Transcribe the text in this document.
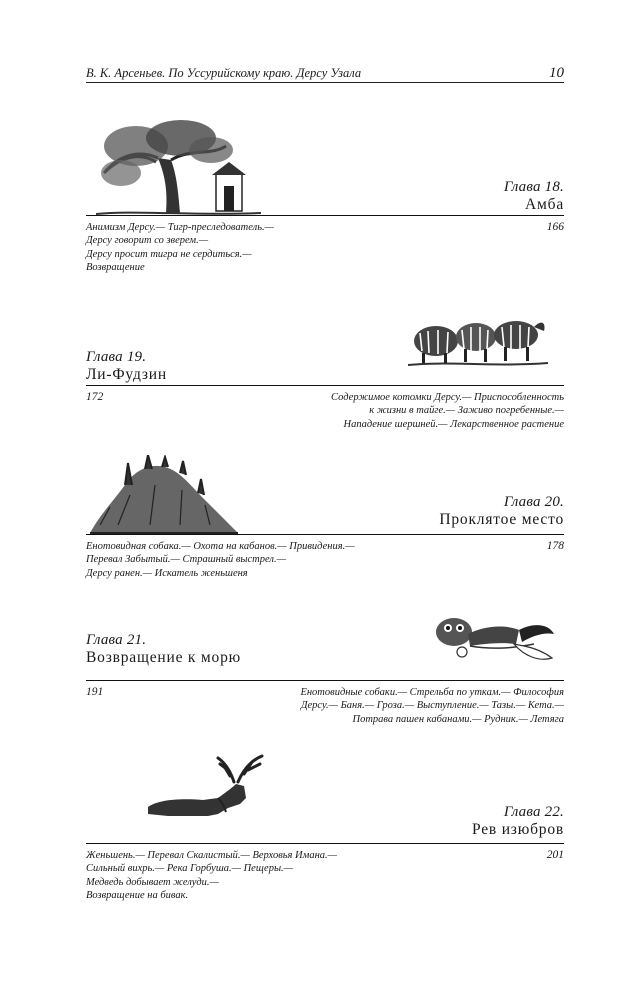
В. К. Арсеньев. По Уссурийскому краю. Дерсу Узала	10
Глава 18.
Амба
Анимизм Дерсу.— Тигр-преследователь.—
Дерсу говорит со зверем.—
Дерсу просит тигра не сердиться.—
Возвращение
166
Глава 19.
Ли-Фудзин
172	Содержимое котомки Дерсу.— Приспособленность
к жизни в тайге.— Заживо погребенные.—
Нападение шершней.— Лекарственное растение
Глава 20.
Проклятое место
Енотовидная собака.— Охота на кабанов.— Привидения.—
Перевал Забытый.— Страшный выстрел.—
Дерсу ранен.— Искатель женьшеня
178
Глава 21.
Возвращение к морю
191	Енотовидные собаки.— Стрельба по уткам.— Философия
Дерсу.— Баня.— Гроза.— Выступление.— Тазы.— Кета.—
Потрава пашен кабанами.— Рудник.— Летяга
Глава 22.
Рев изюбров
Женьшень.— Перевал Скалистый.— Верховья Имана.—
Сильный вихрь.— Река Горбуша.— Пещеры.—
Медведь добывает желуди.—
Возвращение на бивак.
201
